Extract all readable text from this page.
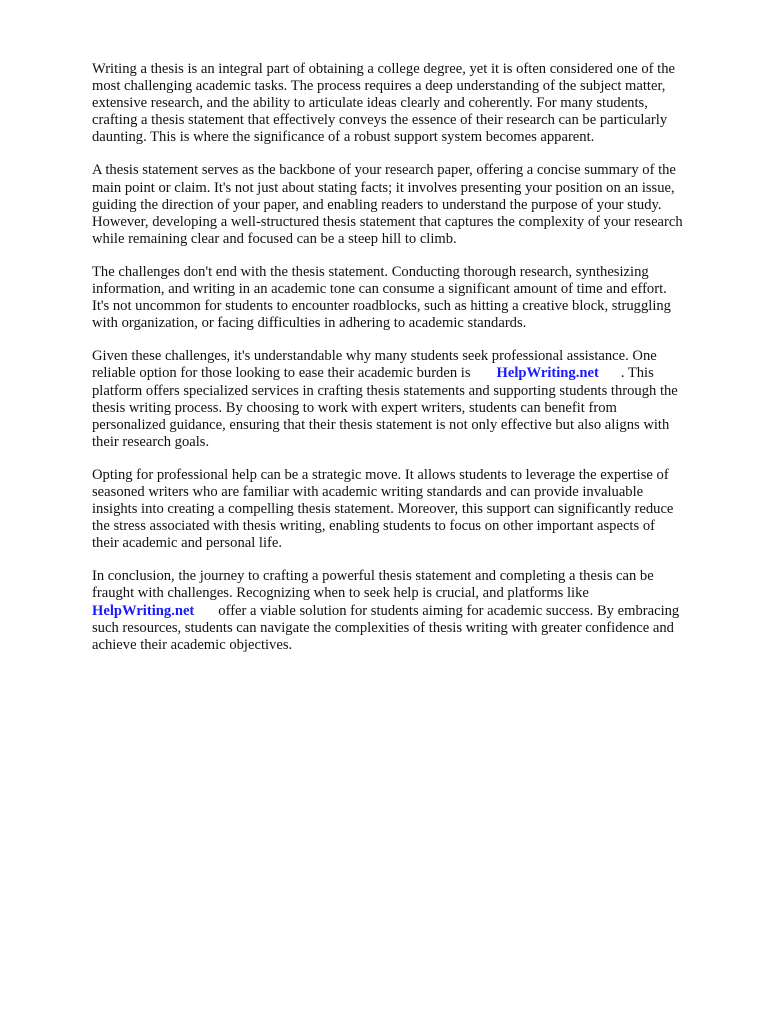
Writing a thesis is an integral part of obtaining a college degree, yet it is often considered one of the
most challenging academic tasks. The process requires a deep understanding of the subject matter,
extensive research, and the ability to articulate ideas clearly and coherently. For many students,
crafting a thesis statement that effectively conveys the essence of their research can be particularly
daunting. This is where the significance of a robust support system becomes apparent.

A thesis statement serves as the backbone of your research paper, offering a concise summary of the
main point or claim. It's not just about stating facts; it involves presenting your position on an issue,
guiding the direction of your paper, and enabling readers to understand the purpose of your study.
However, developing a well-structured thesis statement that captures the complexity of your research
while remaining clear and focused can be a steep hill to climb.

The challenges don't end with the thesis statement. Conducting thorough research, synthesizing
information, and writing in an academic tone can consume a significant amount of time and effort.
It's not uncommon for students to encounter roadblocks, such as hitting a creative block, struggling
with organization, or facing difficulties in adhering to academic standards.

Given these challenges, it's understandable why many students seek professional assistance. One
reliable option for those looking to ease their academic burden is HelpWriting.net . This
platform offers specialized services in crafting thesis statements and supporting students through the
thesis writing process. By choosing to work with expert writers, students can benefit from
personalized guidance, ensuring that their thesis statement is not only effective but also aligns with
their research goals.

Opting for professional help can be a strategic move. It allows students to leverage the expertise of
seasoned writers who are familiar with academic writing standards and can provide invaluable
insights into creating a compelling thesis statement. Moreover, this support can significantly reduce
the stress associated with thesis writing, enabling students to focus on other important aspects of
their academic and personal life.

In conclusion, the journey to crafting a powerful thesis statement and completing a thesis can be
fraught with challenges. Recognizing when to seek help is crucial, and platforms like
HelpWriting.net offer a viable solution for students aiming for academic success. By embracing
such resources, students can navigate the complexities of thesis writing with greater confidence and
achieve their academic objectives.
